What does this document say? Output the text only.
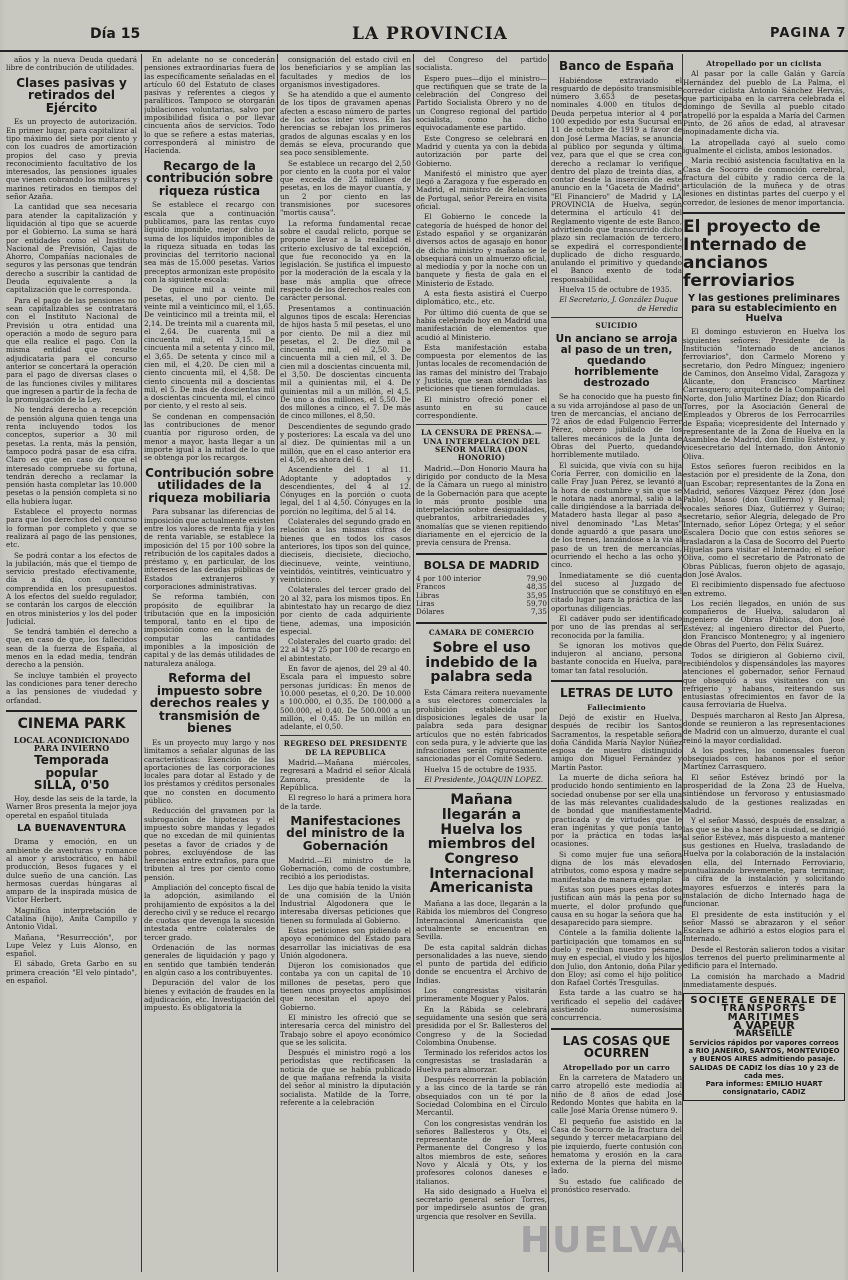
Día 15	LA PROVINCIA	PAGINA 7

años y la nueva Deuda quedará libre de contribución de utilidades.

Clases pasivas y retirados del Ejército

Es un proyecto de autorización. En primer lugar, para capitalizar al tipo máximo del siete por ciento y con los cuadros de amortización propios del caso y previa reconocimiento facultativo de los interesados, las pensiones iguales que vienen cobrando los militares y marinos retirados en tiempos del señor Azaña.

La cantidad que sea necesaria para atender la capitalización y liquidación al tipo que se acuerde por el Gobierno. La suma se hará por entidades como el Instituto Nacional de Previsión, Cajas de Ahorro, Compañías nacionales de seguros y las personas que tendrán derecho a suscribir la cantidad de Deuda equivalente a la capitalización que le corresponda.

Para el pago de las pensiones no sean capitalizables se contratará con el Instituto Nacional de Previsión u otra entidad una operación a modo de seguro para que ella realice el pago. Con la misma entidad que resulte adjudicataria para el concurso anterior se concertará la operación para el pago de diversas clases o de las funciones civiles y militares que ingresen a partir de la fecha de la promulgación de la Ley.

No tendrá derecho a recepción de pensión alguna quien tenga una renta incluyendo todos los conceptos, superior a 30 mil pesetas. La renta, más la pensión, tampoco podrá pasar de esa cifra. Claro es que en caso de que el interesado compruebe su fortuna, tendrán derecho a reclamar la pensión hasta completar las 10.000 pesetas o la pensión completa si no ella hubiera lugar.

Establece el proyecto normas para que los derechos del concurso lo forman por completo y que se realizará al pago de las pensiones, etc.

Se podrá contar a los efectos de la jubilación, más que el tiempo de servicio prestado efectivamente, día a día, con cantidad comprendida en los presupuestos. A los efectos del sueldo regulador, se contarán los cargos de elección en otros ministerios y los del poder Judicial.

Se tendrá también el derecho a que, en caso de que, los fallecidos sean de la fuerza de España, al menos en la edad media, tendrán derecho a la pensión.

Se incluye también el proyecto las condiciones para tener derecho a las pensiones de viudedad y orfandad.

CINEMA PARK
LOCAL ACONDICIONADO PARA INVIERNO
Temporada popular
SILLA, 0'50

Hoy, desde las seis de la tarde, la Warner Bros presenta la mejor joya operetal en español titulada

LA BUENAVENTURA

Drama y emoción, en un ambiente de aventuras y romance al amor y aristocrático, en hábil producción, Besos fugaces y el dulce sueño de una canción. Las hermosas cuerdas húngaras al amparo de la inspirada música de Victor Herbert.

Magnífica interpretación de Catalina (hijo), Anita Campillo y Antonio Vidal.

Mañana, "Resurrección", por Lupe Velez y Luis Alonso, en español.

El sábado, Greta Garbo en su primera creación "El velo pintado", en español.

En adelante no se concederán pensiones extraordinarias fuera de las específicamente señaladas en el artículo 60 del Estatuto de clases pasivas y referentes a ciegos y paralíticos. Tampoco se otorgarán jubilaciones voluntarias, salvo por imposibilidad física o por llevar cincuenta años de servicios. Todo lo que se refiere a estas materias, corresponderá al ministro de Hacienda.

Recargo de la contribución sobre riqueza rústica

Se establece el recargo con escala que a continuación publicamos, para las rentas cuyo líquido imponible, mejor dicho la suma de los líquidos imponibles de la riqueza situada en todas las provincias del territorio nacional sea más de 15.000 pesetas. Varios preceptos armonizan este propósito con la siguiente escala:

De quince mil a veinte mil pesetas, el uno por ciento. De veinte mil a veinticinco mil, el 1,65. De veinticinco mil a treinta mil, el 2,14. De treinta mil a cuarenta mil, el 2,64. De cuarenta mil a cincuenta mil, el 3,15. De cincuenta mil a setenta y cinco mil, el 3,65. De setenta y cinco mil a cien mil, el 4,20. De cien mil a ciento cincuenta mil, el 4,58. De ciento cincuenta mil a doscientas mil, el 5. De más de doscientas mil a doscientas cincuenta mil, el cinco por ciento, y el resto al seis.

Se condenan en compensación las contribuciones de menor cuantía por riguroso orden, de menor a mayor, hasta llegar a un importe igual a la mitad de lo que se obtenga por los recargos.

Contribución sobre utilidades de la riqueza mobiliaria

Para subsanar las diferencias de imposición que actualmente existen entre los valores de renta fija y los de renta variable, se establece la imposición del 15 por 100 sobre la retribución de los capitales dados a préstamo y, en particular, de los intereses de las deudas públicas de Estados extranjeros y corporaciones administrativas.

Se reforma también, con propósito de equilibrar la tributación que en la imposición temporal, tanto en el tipo de imposición como en la forma de computar las cantidades imponibles a la imposición de capital y de las demás utilidades de naturaleza análoga.

Reforma del impuesto sobre derechos reales y transmisión de bienes

Es un proyecto muy largo y nos limitamos a señalar algunas de las características: Exención de las aportaciones de las corporaciones locales para dotar al Estado y de los préstamos y créditos personales que no consten en documento público.

Reducción del gravamen por la subrogación de hipotecas y el impuesto sobre mandas y legados que no excedan de mil quinientas pesetas a favor de criados y de pobres, excluyéndose de las herencias entre extraños, para que tributen al tres por ciento como pensión.

Ampliación del concepto fiscal de la adopción, asimilando el prohijamiento de expósitos a la del derecho civil y se reduce el recargo de cuotas que devenga la sucesión intestada entre colaterales de tercer grado.

Ordenación de las normas generales de liquidación y pago y en sentido que también tenderán en algún caso a los contribuyentes.

Depuración del valor de los bienes y evitación de fraudes en la adjudicación, etc. Investigación del impuesto. Es obligatoria la

consignación del estado civil en los beneficiarios y se amplían las facultades y medios de los organismos investigadores.

Se ha atendido a que el aumento de los tipos de gravamen apenas afecten a escaso número de partes de los actos inter vivos. En las herencias se rebajan los primeros grados de algunas escalas y en los demás se eleva, procurando que sea poco sensiblemente.

Se establece un recargo del 2,50 por ciento en la cuota por el valor que exceda de 25 millones de pesetas, en los de mayor cuantía, y un 2 por ciento en las transmisiones por sucesores "mortis causa".

La reforma fundamental recae sobre el caudal relicto, porque se propone llevar a la realidad el criterio exclusivo de tal excepción, que fue reconocido ya en la legislación. Se justifica el impuesto por la moderación de la escala y la base más amplia que ofrece respecto de los derechos reales con carácter personal.

Presentamos a continuación algunos tipos de escala: Herencias de hijos hasta 5 mil pesetas, el uno por ciento. De mil a diez mil pesetas, el 2. De diez mil a cincuenta mil, el 2,50. De cincuenta mil a cien mil, el 3. De cien mil a doscientas cincuenta mil, el 3,50. De doscientas cincuenta mil a quinientas mil, el 4. De quinientas mil a un millón, el 4,5. De uno a dos millones, el 5,50. De dos millones a cinco, el 7. De más de cinco millones, el 8,50.

Descendientes de segundo grado y posteriores: La escala va del uno al diez. De quinientas mil a un millón, que en el caso anterior era el 4,50, es ahora del 6.

Ascendiente del 1 al 11. Adoptante y adoptados y descendientes, del 4 al 12. Cónyuges en la porción o cuota legal, del 1 al 4,50. Cónyuges en la porción no legítima, del 5 al 14.

Colaterales del segundo grado en relación a las mismas cifras de bienes que en todos los casos anteriores, los tipos son del quince, dieciseis, diecisiete, dieciocho, diecinueve, veinte, veintiuno, veintidós, veintitrés, veinticuatro y veinticinco.

Colaterales del tercer grado del 20 al 32, para los mismos tipos. En abintestato hay un recargo de diez por ciento de cada adquiriente tiene, ademas, una imposición especial.

Colaterales del cuarto grado: del 22 al 34 y 25 por 100 de recargo en el abintestato.

En favor de ajenos, del 29 al 40. Escala para el impuesto sobre personas jurídicas: En menos de 10.000 pesetas, el 0,20. De 10.000 a 100.000, el 0,35. De 100.000 a 500.000, el 0,40. De 500.000 a un millón, el 0,45. De un millón en adelante, el 0,50.

REGRESO DEL PRESIDENTE DE LA REPUBLICA

Madrid.—Mañana miércoles, regresará a Madrid el señor Alcalá Zamora, presidente de la República.

El regreso lo hará a primera hora de la tarde.

Manifestaciones del ministro de la Gobernación

Madrid.—El ministro de la Gobernación, como de costumbre, recibió a los periodistas.

Les dijo que había tenido la visita de una comisión de la Unión Industrial Algodonera que le interesaba diversas peticiones que tienen su formulada al Gobierno.

Estas peticiones son pidiendo el apoyo económico del Estado para desarrollar las iniciativas de esa Unión algodonera.

Dijeron los comisionados que contaba ya con un capital de 10 millones de pesetas, pero que tienen unos proyectos amplísimos que necesitan el apoyo del Gobierno.

El ministro les ofreció que se interesaría cerca del ministro del Trabajo sobre el apoyo económico que se les solicita.

Después el ministro rogó a los periodistas que rectificasen la noticia de que se había publicado de que mañana refrenda la visita del señor al ministro la diputación socialista. Matilde de la Torre, referente a la celebración

del Congreso del partido socialista.

Espero pues—dijo el ministro—que rectifiquen que se trate de la celebración del Congreso del Partido Socialista Obrero y no de un Congreso regional del partido socialista, como ha dicho equivocadamente ese partido.

Este Congreso se celebrará en Madrid y cuenta ya con la debida autorización por parte del Gobierno.

Manifestó el ministro que ayer llegó a Zaragoza y fue esperado en Madrid, el ministro de Relaciones de Portugal, señor Pereira en visita oficial.

El Gobierno le concede la categoría de huésped de honor del Estado español y se organizarán diversos actos de agasajo en honor de dicho ministro y mañana se le obsequiará con un almuerzo oficial, al mediodía y por la noche con un banquete y fiesta de gala en el Ministerio de Estado.

A esta fiesta asistirá el Cuerpo diplomático, etc., etc.

Por último dió cuenta de que se había celebrado hoy en Madrid una manifestación de elementos que acudió al Ministerio.

Esta manifestación estaba compuesta por elementos de las Juntas locales de recomendación de las ramas del ministro del Trabajo y Justicia, que sean atendidas las peticiones que tienen formuladas.

El ministro ofreció poner el asunto en su cauce correspondiente.

LA CENSURA DE PRENSA.—UNA INTERPELACION DEL SEÑOR MAURA (DON HONORIO)

Madrid.—Don Honorio Maura ha dirigido por conducto de la Mesa de la Cámara un ruego al ministro de la Gobernación para que acepte lo más pronto posible una interpelación sobre desigualdades, quebrantos, arbitrariedades y anomalías que se vienen repitiendo diariamente en el ejercicio de la previa censura de Prensa.

BOLSA DE MADRID
4 por 100 interior	79,90
Francos	48,35
Libras	35,95
Liras	59,70
Dólares	7,35
CAMARA DE COMERCIO
Sobre el uso indebido de la palabra seda

Esta Cámara reitera nuevamente a sus electores comerciales la prohibición establecida por disposiciones legales de usar la palabra seda para designar artículos que no estén fabricados con seda pura, y le advierte que las infracciones serán rigurosamente sancionadas por el Comité Sedero.

Huelva 15 de octubre de 1935.

El Presidente, JOAQUIN LOPEZ.
Mañana llegarán a Huelva los miembros del Congreso Internacional Americanista

Mañana a las doce, llegarán a la Rábida los miembros del Congreso Internacional Americanista que actualmente se encuentran en Sevilla.

De esta capital saldrán dichas personalidades a las nueve, siendo el punto de partida del edificio donde se encuentra el Archivo de Indias.

Los congresistas visitarán primeramente Moguer y Palos.

En la Rábida se celebrará seguidamente una sesión que será presidida por el Sr. Ballesteros del Congreso y de la Sociedad Colombina Onubense.

Terminado los referidos actos los congresistas se trasladarán a Huelva para almorzar.

Después recorrerán la población y a las cinco de la tarde se rán obsequiados con un té por la Sociedad Colombina en el Círculo Mercantil.

Con los congresistas vendrán los señores Ballesteros y Ots, el representante de la Mesa Permanente del Congreso y los altos miembros de este, señores Novo y Alcalá y Ots, y los profesores colonos daneses e italianos.

Ha sido designado a Huelva el secretario general señor Torres, por impedirselo asuntos de gran urgencia que resolver en Sevilla.

Banco de España

Habiéndose extraviado el resguardo de depósito transmisible número 3.653 de pesetas nominales 4.000 en títulos de Deuda perpetua interior al 4 por 100 expedido por esta Sucursal en 11 de octubre de 1919 a favor de don José Lerma Macías, se anuncia al público por segunda y última vez, para que el que se crea con derecho a reclamar lo verifique dentro del plazo de treinta días, a contar desde la inserción de este anuncio en la "Gaceta de Madrid", "El Financiero" de Madrid y LA PROVINCIA de Huelva, según determina el artículo 41 del Reglamento vigente de este Banco, advirtiendo que transcurrido dicho plazo sin reclamación de tercero, se expedirá el correspondiente duplicado de dicho resguardo, anulando el primitivo y quedando el Banco exento de toda responsabilidad.

Huelva 15 de octubre de 1935.

El Secretario, J. González Duque de Heredia
SUICIDIO
Un anciano se arroja al paso de un tren, quedando horriblemente destrozado

Se ha conocido que ha puesto fin a su vida arrojándose al paso de un tren de mercancías, el anciano de 72 años de edad Fulgencio Ferrer Pérez, obrero jubilado de los talleres mecánicos de la Junta de Obras del Puerto, quedando horriblemente mutilado.

El suicida, que vivía con su hija Coria Ferrer, con domicilio en la calle Fray Juan Pérez, se levantó a la hora de costumbre y sin que se le notara nada anormal, salió a la calle dirigiéndose a la barriada del Matadero hasta llegar al paso a nivel denominado "Las Metas" donde aguardó a que pasara uno de los trenes, lanzándose a la vía al paso de un tren de mercancías, ocurriendo el hecho a las ocho y cinco.

Inmediatamente se dió cuenta del suceso al Juzgado de Instrucción que se constituyó en el citado lugar para la práctica de las oportunas diligencias.

El cadáver pudo ser identificado por uno de las prendas al ser reconocida por la familia.

Se ignoran los motivos que indujeron al anciano, persona bastante conocida en Huelva, para tomar tan fatal resolución.

LETRAS DE LUTO
Fallecimiento

Dejó de existir en Huelva, después de recibir los Santos Sacramentos, la respetable señora doña Cándida María Naylor Núñez esposa de nuestro distinguido amigo don Miguel Fernández y Martín Pastor.

La muerte de dicha señora ha producido hondo sentimiento en la sociedad onubense por ser ella una de las más relevantes cualidades de bondad que manifiestamente practicada y de virtudes que le eran ingénitas y que ponía tanto por la práctica en todas las ocasiones.

Si como mujer fue una señora digna de los más elevados atributos, como esposa y madre se manifestaba de manera ejemplar.

Estas son pues pues estas dotes justifican aún más la pena por su muerte, el dolor profundo que causa en su hogar la señora que ha desaparecido para siempre.

Cóntele a la familia doliente la participación que tomamos en su duelo y reciban nuestro pésame, muy en especial, el viudo y los hijos don Julio, don Antonio, doña Pilar y don Eloy; así como el hijo político don Rafael Cortés Tresguilas.

Esta tarde a las cuatro se ha verificado el sepelio del cadáver asistiendo numerosísima concurrencia.

LAS COSAS QUE OCURREN
Atropellado por un carro

En la carretera de Matadero un carro atropelló este mediodía al niño de 8 años de edad José Redondo Montes que habita en la calle José María Orense número 9.

El pequeño fue asistido en la Casa de Socorro de la fractura del segundo y tercer metacarpiano del pie izquierdo, fuerte contusión con hematoma y erosión en la cara externa de la pierna del mismo lado.

Su estado fue calificado de pronóstico reservado.

Atropellado por un ciclista

Al pasar por la calle Galán y García Hernández del pueblo de La Palma, el corredor ciclista Antonio Sánchez Hervás, que participaba en la carrera celebrada el domingo de Sevilla al pueblo citado atropelló por la espalda a María del Carmen Pinto, de 26 años de edad, al atravesar inopinadamente dicha vía.

La atropellada cayó al suelo como igualmente el ciclista, ambos lesionados.

María recibió asistencia facultativa en la Casa de Socorro de conmoción cerebral, fractura del cúbito y radio cerca de la articulación de la muñeca y de otras lesiones en distintas partes del cuerpo y el corredor, de lesiones de menor importancia.

El proyecto de Internado de ancianos ferroviarios
Y las gestiones preliminares para su establecimiento en Huelva

El domingo estuvieron en Huelva los siguientes señores: Presidente de la Institución "Internado de ancianos ferroviarios", don Carmelo Moreno y secretario, don Pedro Mínguez; ingeniero de Caminos, don Anselmo Vidal, Zaragoza y Alicante, don Francisco Martínez Carrasquero; arquitecto de la Compañía del Norte, don Julio Martínez Díaz; don Ricardo Torres, por la Asociación General de Empleados y Obreros de los Ferrocarriles de España; vicepresidente del Internado y representante de la Zona de Huelva en la Asamblea de Madrid, don Emilio Estévez, y vicesecretario del Internado, don Antonio Oliva.

Estos señores fueron recibidos en la estación por el presidente de la Zona, don Juan Escobar; representantes de la Zona en Madrid, señores Vázquez Pérez (don José Pablo), Massó (don Guillermo) y Bernal; vocales señores Díaz, Gutiérrez y Guirao; secretario, señor Alegría, delegado de Pro Internado, señor López Ortega; y el señor Escalera Docio que con estos señores se trasladaron a la Casa de Socorro del Puerto Hijuelas para visitar el Internado; el señor Oliva, como el secretario de Patronato de Obras Públicas, fueron objeto de agasajo, don José Avalos.

El recibimiento dispensado fue afectuoso en extremo.

Los recién llegados, en unión de sus compañeros de Huelva, saludaron al ingeniero de Obras Públicas, don José Estévez; al ingeniero director del Puerto, don Francisco Montenegro; y al ingeniero de Obras del Puerto, don Félix Suárez.

Todos se dirigieron al Gobierno civil, recibiéndolos y dispensándoles las mayores atenciones el gobernador, señor Fernaud que obsequió a sus visitantes con un refrigerio y habanos, reiterando sus entusiastas ofrecimientos en favor de la causa ferroviaria de Huelva.

Después marcharon al Resto Jan Alpresa, donde se reunieron a las representaciones de Madrid con un almuerzo, durante el cual reinó la mayor cordialidad.

A los postres, los comensales fueron obsequiados con habanos por el señor Martínez Carrasquero.

El señor Estévez brindó por la prosperidad de la Zona 23 de Huelva, sintiéndose un fervoroso y entusiasmado saludo de la gestiones realizadas en Madrid.

Y el señor Massó, después de ensalzar, a las que se iba a hacer a la ciudad, se dirigió al señor Estévez, más dispuesto a mantener sus gestiones en Huelva, trasladando de Huelva por la colaboración de la instalación en ella, del Internado Ferroviario, puntualizando brevemente, para terminar, la cifra de la instalación y solicitando mayores esfuerzos e interés para la instalación de dicho Internado haga de funcionar.

El presidente de esta institución y el señor Massó se abrazaron y el señor Escalera se adhirió a estos elogios para el Internado.

Desde el Restorán salieron todos a visitar los terrenos del puerto preliminarmente al edificio para el Internado.

La comisión ha marchado a Madrid inmediatamente después.

SOCIETE GENERALE DE TRANSPORTS MARITIMES
A VAPEUR
MARSEILLE
Servicios rápidos por vapores correos a RIO JANEIRO, SANTOS, MONTEVIDEO y BUENOS AIRES admitiendo pasaje.
SALIDAS DE CADIZ los días 10 y 23 de cada mes.
Para informes: EMILIO HUART consignatario, CADIZ
HUELVA
